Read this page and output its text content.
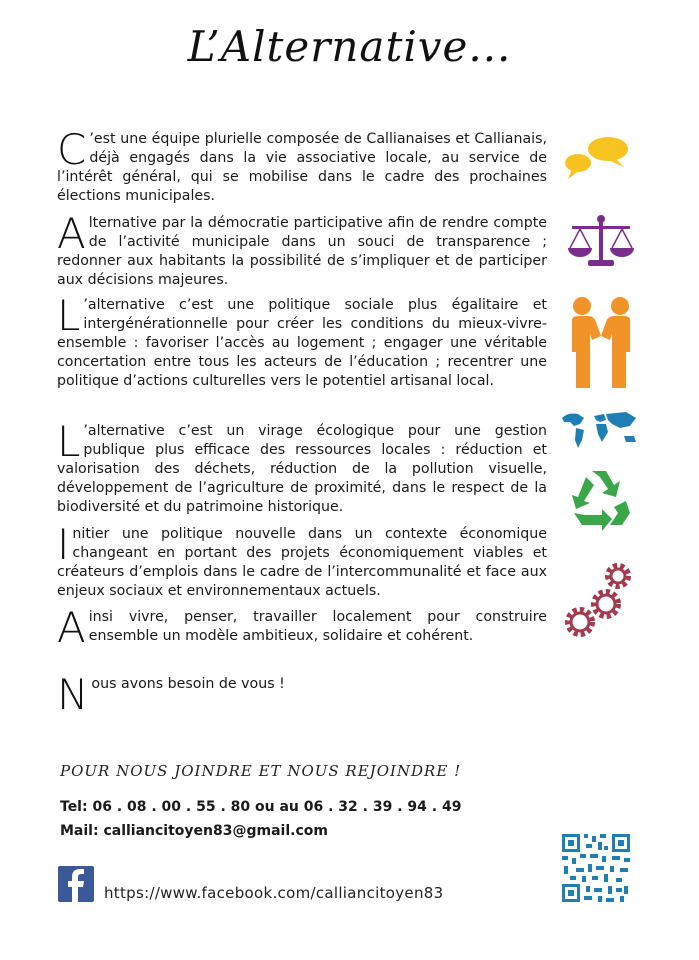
L’Alternative...

C ’est une équipe plurielle composée de Callianaises et Callianais, déjà engagés dans la vie associative locale, au service de l’intérêt général, qui se mobilise dans le cadre des prochaines élections municipales.

Alternative par la démocratie participative afin de rendre compte de l’activité municipale dans un souci de transparence ; redonner aux habitants la possibilité de s’impliquer et de participer aux décisions majeures.

L ’alternative c’est une politique sociale plus égalitaire et intergénérationnelle pour créer les conditions du mieux-vivre-ensemble : favoriser l’accès au logement ; engager une véritable concertation entre tous les acteurs de l’éducation ; recentrer une politique d’actions culturelles vers le potentiel artisanal local.

L ’alternative c’est un virage écologique pour une gestion publique plus efficace des ressources locales : réduction et valorisation des déchets, réduction de la pollution visuelle, développement de l’agriculture de proximité, dans le respect de la biodiversité et du patrimoine historique.

Initier une politique nouvelle dans un contexte économique changeant en portant des projets économiquement viables et créateurs d’emplois dans le cadre de l’intercommunalité et face aux enjeux sociaux et environnementaux actuels.

Ainsi vivre, penser, travailler localement pour construire ensemble un modèle ambitieux, solidaire et cohérent.

Nous avons besoin de vous !

POUR NOUS JOINDRE ET NOUS REJOINDRE !
Tel: 06 . 08 . 00 . 55 . 80 ou au 06 . 32 . 39 . 94 . 49
Mail: calliancitoyen83@gmail.com
https://www.facebook.com/calliancitoyen83
